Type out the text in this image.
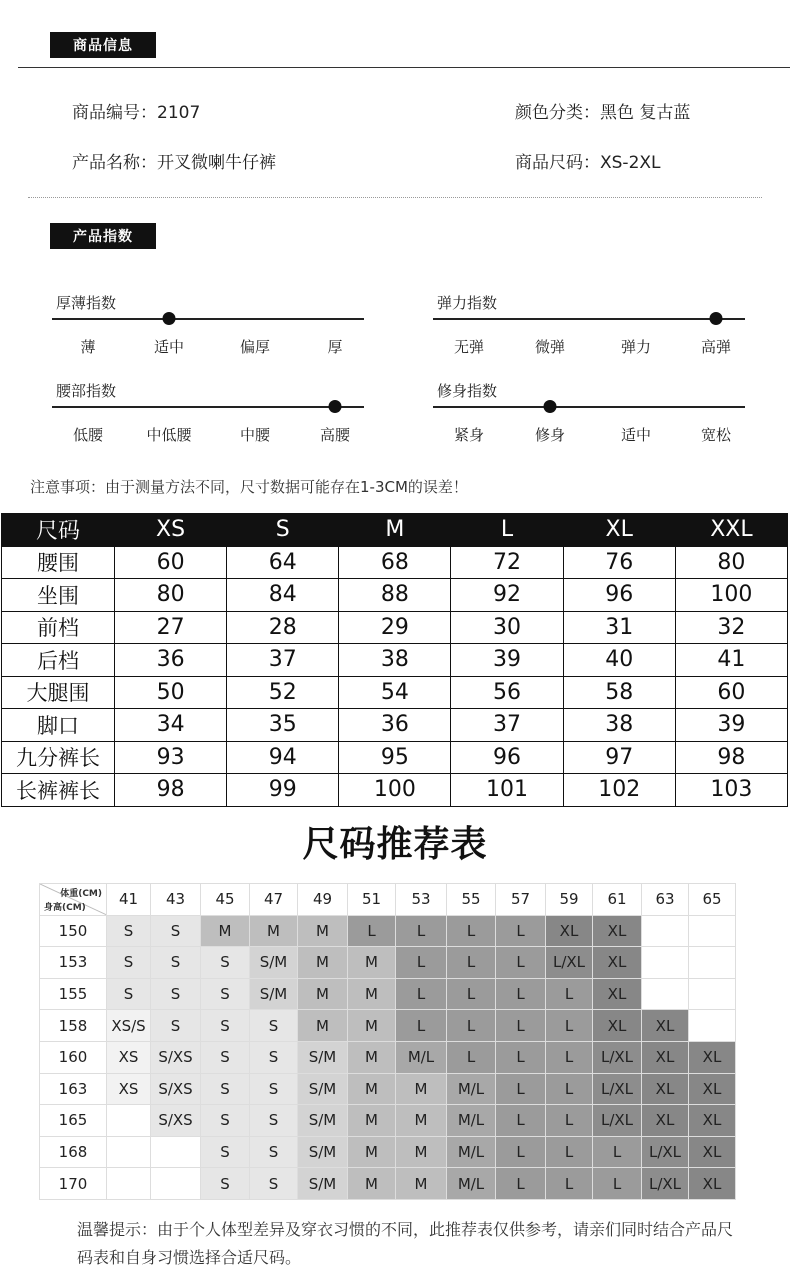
商品信息
商品编号：2107	颜色分类：黑色 复古蓝
产品名称：开叉微喇牛仔裤	商品尺码：XS-2XL
产品指数
厚薄指数
薄	适中	偏厚	厚
弹力指数
无弹	微弹	弹力	高弹
腰部指数
低腰	中低腰	中腰	高腰
修身指数
紧身	修身	适中	宽松
注意事项：由于测量方法不同，尺寸数据可能存在1-3CM的误差！
尺码	XS	S	M	L	XL	XXL
腰围	60	64	68	72	76	80
坐围	80	84	88	92	96	100
前档	27	28	29	30	31	32
后档	36	37	38	39	40	41
大腿围	50	52	54	56	58	60
脚口	34	35	36	37	38	39
九分裤长	93	94	95	96	97	98
长裤裤长	98	99	100	101	102	103
尺码推荐表
体重(CM)
身高(CM)	41	43	45	47	49	51	53	55	57	59	61	63	65
150	S	S	M	M	M	L	L	L	L	XL	XL		
153	S	S	S	S/M	M	M	L	L	L	L/XL	XL		
155	S	S	S	S/M	M	M	L	L	L	L	XL		
158	XS/S	S	S	S	M	M	L	L	L	L	XL	XL	
160	XS	S/XS	S	S	S/M	M	M/L	L	L	L	L/XL	XL	XL
163	XS	S/XS	S	S	S/M	M	M	M/L	L	L	L/XL	XL	XL
165		S/XS	S	S	S/M	M	M	M/L	L	L	L/XL	XL	XL
168			S	S	S/M	M	M	M/L	L	L	L	L/XL	XL
170			S	S	S/M	M	M	M/L	L	L	L	L/XL	XL
温馨提示：由于个人体型差异及穿衣习惯的不同，此推荐表仅供参考，请亲们同时结合产品尺码表和自身习惯选择合适尺码。
